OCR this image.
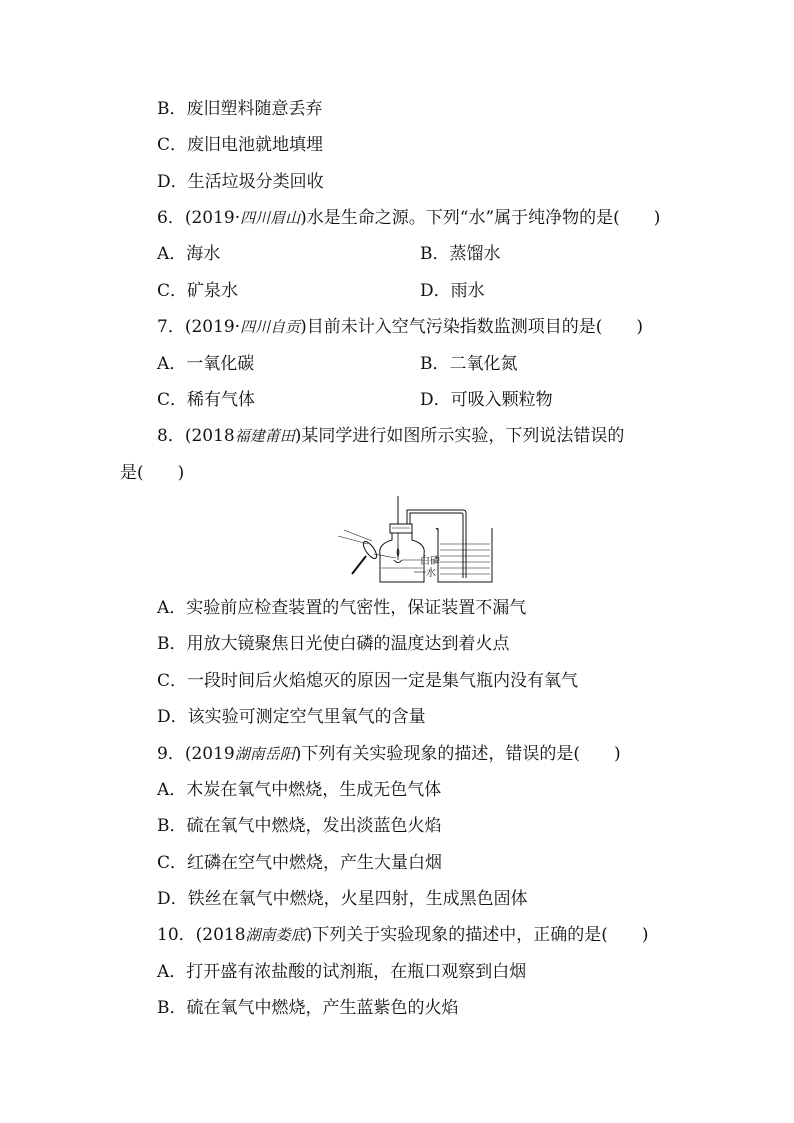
B．废旧塑料随意丢弃
C．废旧电池就地填埋
D．生活垃圾分类回收
6．(2019·四川眉山)水是生命之源。下列“水”属于纯净物的是(　　)
A．海水	B．蒸馏水
C．矿泉水	D．雨水
7．(2019·四川自贡)目前未计入空气污染指数监测项目的是(　　)
A．一氧化碳	B．二氧化氮
C．稀有气体	D．可吸入颗粒物
8．(2018福建莆田)某同学进行如图所示实验，下列说法错误的
是(　　)
白磷
水
A．实验前应检查装置的气密性，保证装置不漏气
B．用放大镜聚焦日光使白磷的温度达到着火点
C．一段时间后火焰熄灭的原因一定是集气瓶内没有氧气
D．该实验可测定空气里氧气的含量
9．(2019湖南岳阳)下列有关实验现象的描述，错误的是(　　)
A．木炭在氧气中燃烧，生成无色气体
B．硫在氧气中燃烧，发出淡蓝色火焰
C．红磷在空气中燃烧，产生大量白烟
D．铁丝在氧气中燃烧，火星四射，生成黑色固体
10．(2018湖南娄底)下列关于实验现象的描述中，正确的是(　　)
A．打开盛有浓盐酸的试剂瓶，在瓶口观察到白烟
B．硫在氧气中燃烧，产生蓝紫色的火焰
